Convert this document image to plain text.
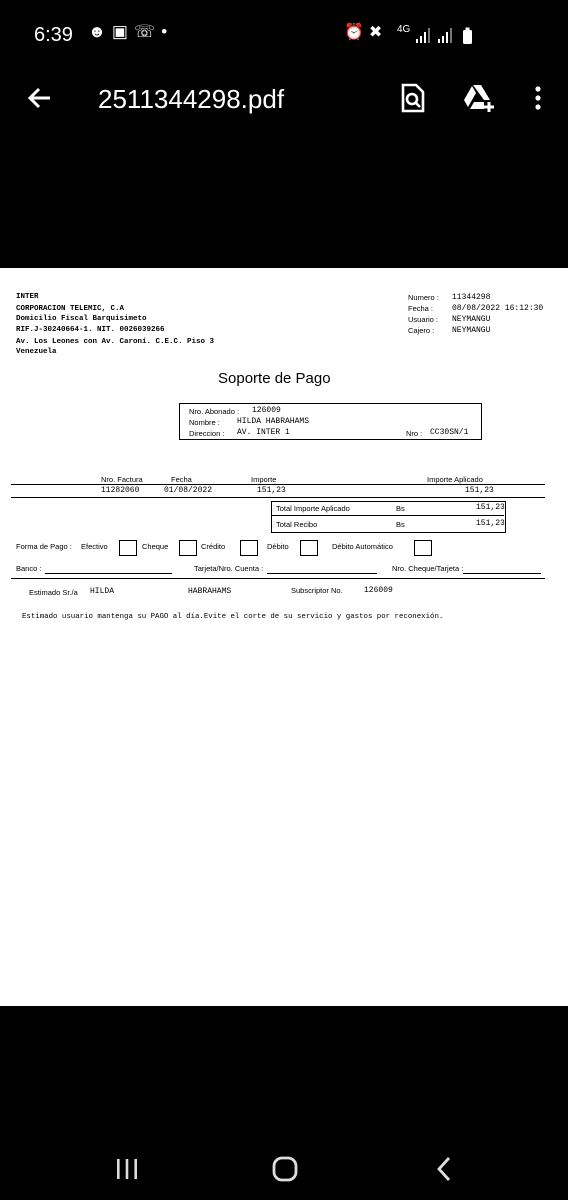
6:39 ☻▣☏•	⏰✖ 4G
2511344298.pdf
INTER
CORPORACION TELEMIC, C.A
Domicilio Fiscal Barquisimeto
RIF.J-30240664-1. NIT. 0026039266
Av. Los Leones con Av. Caroní. C.E.C. Piso 3
Venezuela
Numero : 11344298
Fecha : 08/08/2022 16:12:30
Usuario : NEYMANGU
Cajero : NEYMANGU
Soporte de Pago
Nro. Abonado : 126009
Nombre : HILDA HABRAHAMS
Direccion : AV. INTER 1	Nro : CC30SN/1
Nro. Factura	Fecha	Importe	Importe Aplicado
11282060	01/08/2022	151,23	151,23
Total Importe Aplicado	Bs	151,23
Total Recibo	Bs	151,23
Forma de Pago : Efectivo	Cheque	Crédito	Débito	Débito Automático
Banco :	Tarjeta/Nro. Cuenta :	Nro. Cheque/Tarjeta :
Estimado Sr./a HILDA	HABRAHAMS	Subscriptor No.	126009
Estimado usuario mantenga su PAGO al día.Evite el corte de su servicio y gastos por reconexión.
